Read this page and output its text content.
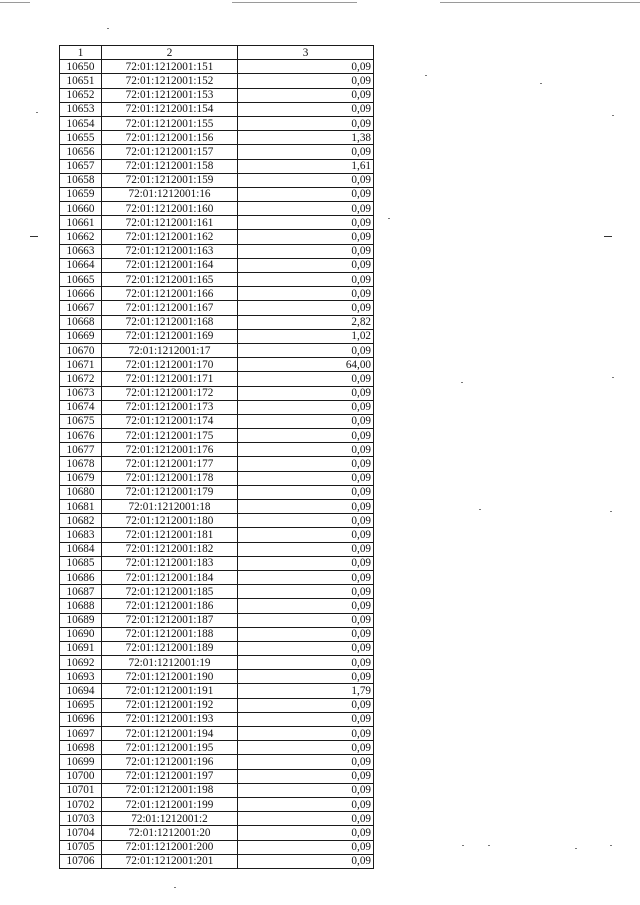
1	2	3
10650	72:01:1212001:151	0,09
10651	72:01:1212001:152	0,09
10652	72:01:1212001:153	0,09
10653	72:01:1212001:154	0,09
10654	72:01:1212001:155	0,09
10655	72:01:1212001:156	1,38
10656	72:01:1212001:157	0,09
10657	72:01:1212001:158	1,61
10658	72:01:1212001:159	0,09
10659	72:01:1212001:16	0,09
10660	72:01:1212001:160	0,09
10661	72:01:1212001:161	0,09
10662	72:01:1212001:162	0,09
10663	72:01:1212001:163	0,09
10664	72:01:1212001:164	0,09
10665	72:01:1212001:165	0,09
10666	72:01:1212001:166	0,09
10667	72:01:1212001:167	0,09
10668	72:01:1212001:168	2,82
10669	72:01:1212001:169	1,02
10670	72:01:1212001:17	0,09
10671	72:01:1212001:170	64,00
10672	72:01:1212001:171	0,09
10673	72:01:1212001:172	0,09
10674	72:01:1212001:173	0,09
10675	72:01:1212001:174	0,09
10676	72:01:1212001:175	0,09
10677	72:01:1212001:176	0,09
10678	72:01:1212001:177	0,09
10679	72:01:1212001:178	0,09
10680	72:01:1212001:179	0,09
10681	72:01:1212001:18	0,09
10682	72:01:1212001:180	0,09
10683	72:01:1212001:181	0,09
10684	72:01:1212001:182	0,09
10685	72:01:1212001:183	0,09
10686	72:01:1212001:184	0,09
10687	72:01:1212001:185	0,09
10688	72:01:1212001:186	0,09
10689	72:01:1212001:187	0,09
10690	72:01:1212001:188	0,09
10691	72:01:1212001:189	0,09
10692	72:01:1212001:19	0,09
10693	72:01:1212001:190	0,09
10694	72:01:1212001:191	1,79
10695	72:01:1212001:192	0,09
10696	72:01:1212001:193	0,09
10697	72:01:1212001:194	0,09
10698	72:01:1212001:195	0,09
10699	72:01:1212001:196	0,09
10700	72:01:1212001:197	0,09
10701	72:01:1212001:198	0,09
10702	72:01:1212001:199	0,09
10703	72:01:1212001:2	0,09
10704	72:01:1212001:20	0,09
10705	72:01:1212001:200	0,09
10706	72:01:1212001:201	0,09
